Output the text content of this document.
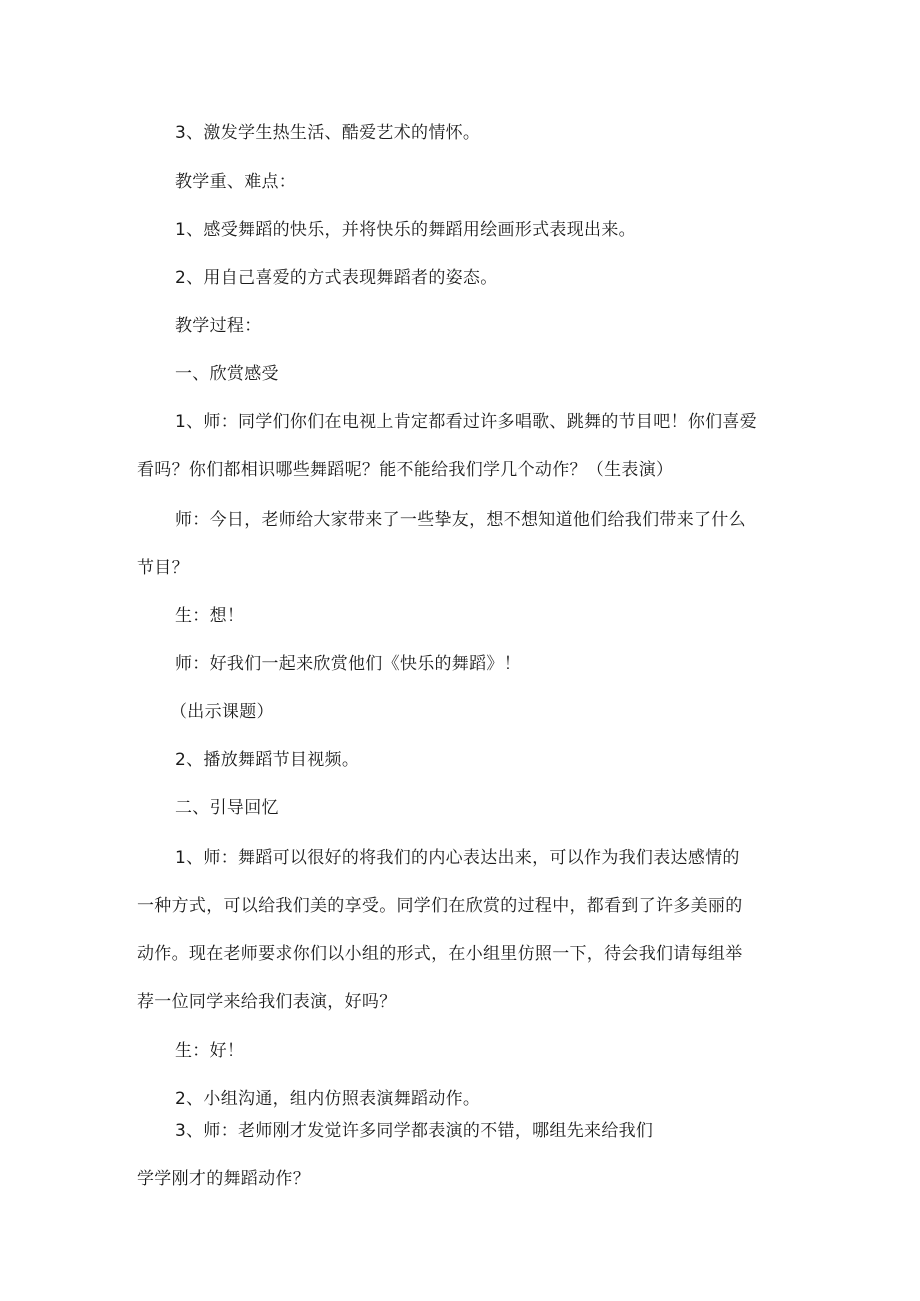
3、激发学生热生活、酷爱艺术的情怀。
教学重、难点：
1、感受舞蹈的快乐，并将快乐的舞蹈用绘画形式表现出来。
2、用自己喜爱的方式表现舞蹈者的姿态。
教学过程：
一、欣赏感受
1、师：同学们你们在电视上肯定都看过许多唱歌、跳舞的节目吧！你们喜爱
看吗？你们都相识哪些舞蹈呢？能不能给我们学几个动作？（生表演）
师：今日，老师给大家带来了一些挚友，想不想知道他们给我们带来了什么
节目？
生：想！
师：好我们一起来欣赏他们《快乐的舞蹈》！
（出示课题）
2、播放舞蹈节目视频。
二、引导回忆
1、师：舞蹈可以很好的将我们的内心表达出来，可以作为我们表达感情的
一种方式，可以给我们美的享受。同学们在欣赏的过程中，都看到了许多美丽的
动作。现在老师要求你们以小组的形式，在小组里仿照一下，待会我们请每组举
荐一位同学来给我们表演，好吗？
生：好！
2、小组沟通，组内仿照表演舞蹈动作。
3、师：老师刚才发觉许多同学都表演的不错，哪组先来给我们
学学刚才的舞蹈动作？
